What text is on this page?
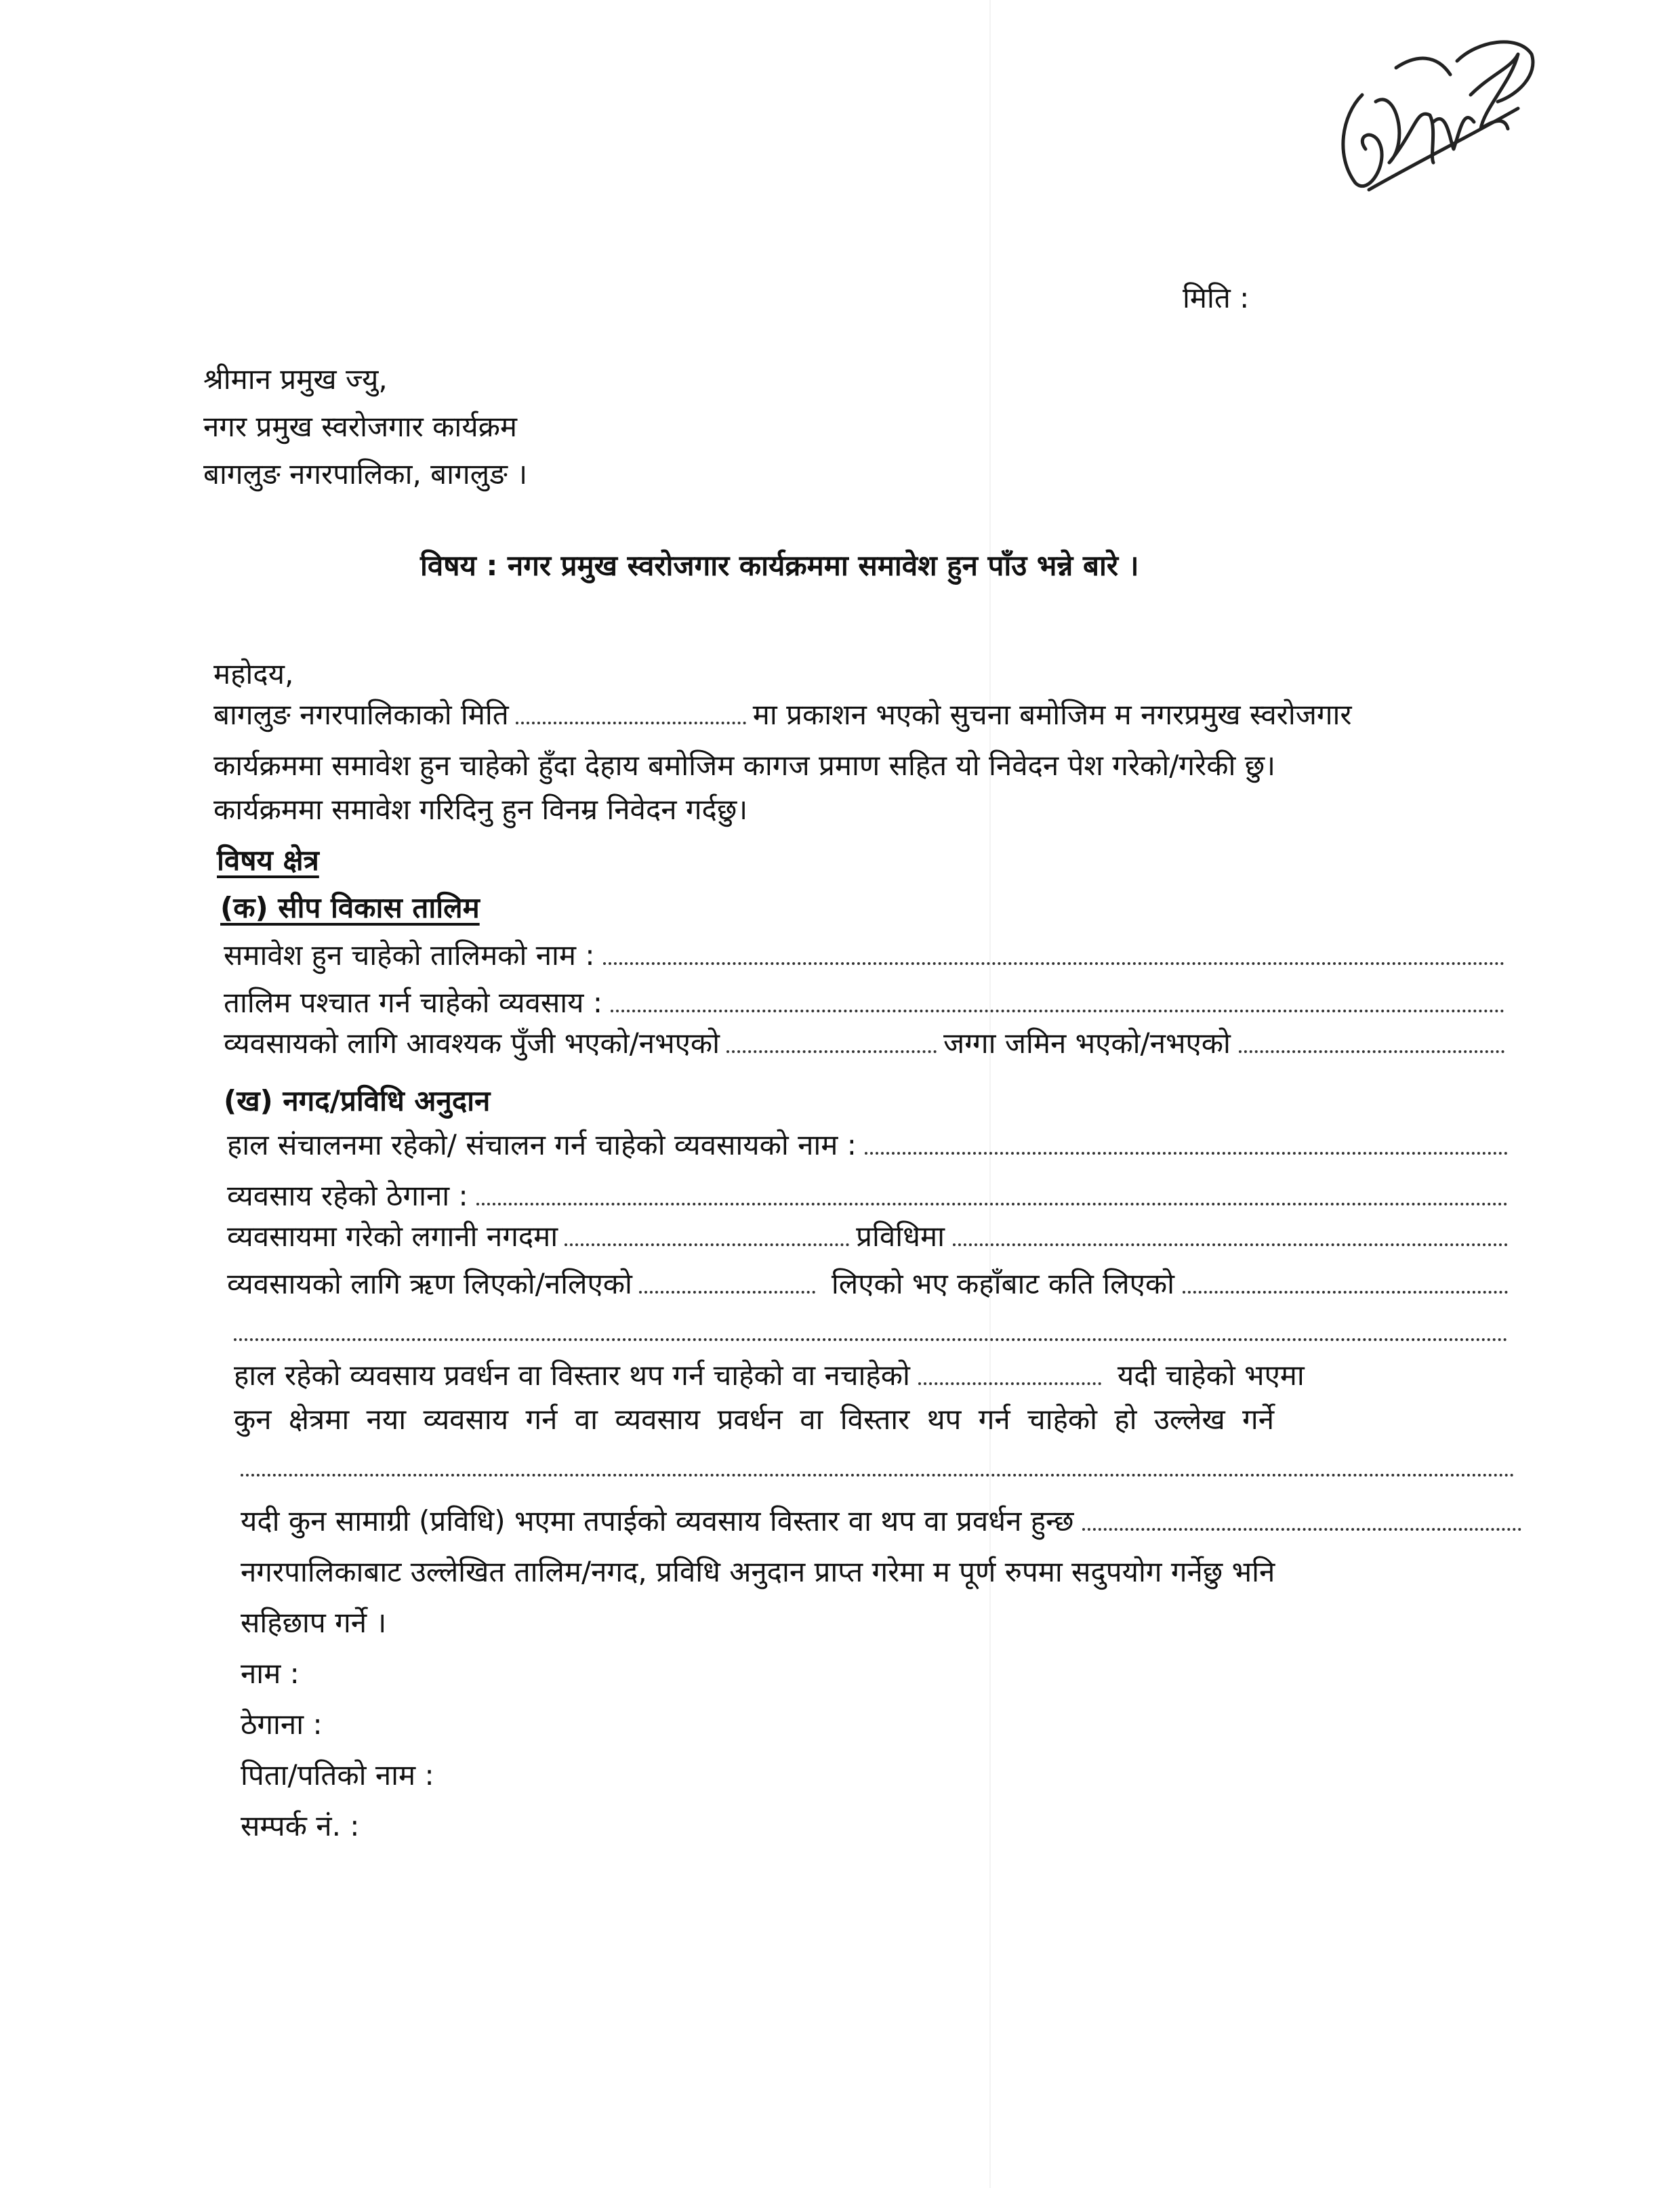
मिति :
श्रीमान प्रमुख ज्यु,
नगर प्रमुख स्वरोजगार कार्यक्रम
बागलुङ नगरपालिका, बागलुङ ।
विषय : नगर प्रमुख स्वरोजगार कार्यक्रममा समावेश हुन पाँउ भन्ने बारे ।
महोदय,
बागलुङ नगरपालिकाको मिति	मा प्रकाशन भएको सुचना बमोजिम म नगरप्रमुख स्वरोजगार
कार्यक्रममा समावेश हुन चाहेको हुँदा देहाय बमोजिम कागज प्रमाण सहित यो निवेदन पेश गरेको/गरेकी छु।
कार्यक्रममा समावेश गरिदिनु हुन विनम्र निवेदन गर्दछु।
विषय क्षेत्र
(क) सीप विकास तालिम
समावेश हुन चाहेको तालिमको नाम :
तालिम पश्चात गर्न चाहेको व्यवसाय :
व्यवसायको लागि आवश्यक पुँजी भएको/नभएको	जग्गा जमिन भएको/नभएको
(ख) नगद/प्रविधि अनुदान
हाल संचालनमा रहेको/ संचालन गर्न चाहेको व्यवसायको नाम :
व्यवसाय रहेको ठेगाना :
व्यवसायमा गरेको लगानी नगदमा	प्रविधिमा
व्यवसायको लागि ऋण लिएको/नलिएको	लिएको भए कहाँबाट कति लिएको
हाल रहेको व्यवसाय प्रवर्धन वा विस्तार थप गर्न चाहेको वा नचाहेको	यदी चाहेको भएमा
कुन क्षेत्रमा नया व्यवसाय गर्न वा व्यवसाय प्रवर्धन वा विस्तार थप गर्न चाहेको हो उल्लेख गर्ने
यदी कुन सामाग्री (प्रविधि) भएमा तपाईको व्यवसाय विस्तार वा थप वा प्रवर्धन हुन्छ
नगरपालिकाबाट उल्लेखित तालिम/नगद, प्रविधि अनुदान प्राप्त गरेमा म पूर्ण रुपमा सदुपयोग गर्नेछु भनि
सहिछाप गर्ने ।
नाम :
ठेगाना :
पिता/पतिको नाम :
सम्पर्क नं. :
